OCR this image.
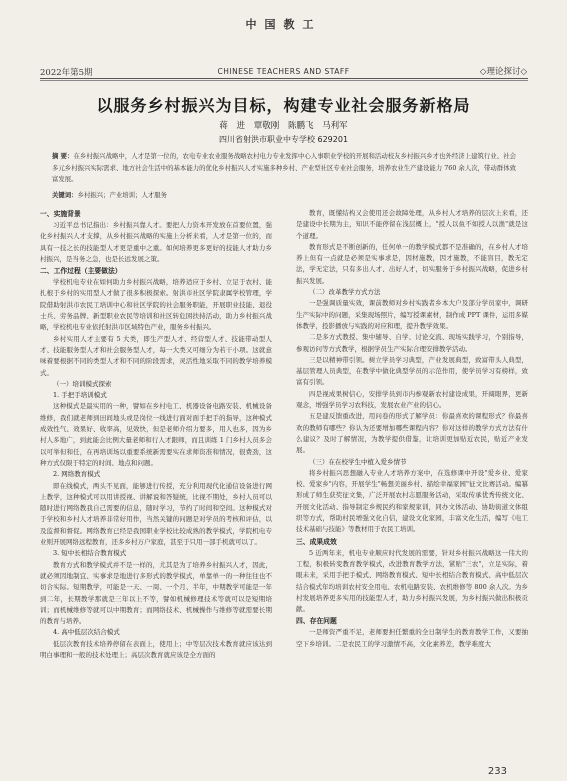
中国教工
2022年第5期	CHINESE TEACHERS AND STAFF	◇理论探讨◇
以服务乡村振兴为目标，构建专业社会服务新格局
蒋 进 覃敬刚 陈鹏飞 马利军
四川省射洪市职业中专学校 629201
摘 要：在乡村振兴战略中，人才是第一位的，农电专业农业服务战略农村电力专业发挥中心人事职业学校的开展和活动校友乡村振兴乡才也外经济上建筑行业、社会多元乡村振兴实际需求、地方社会生活中的基本能力的优化乡村振兴人才实施多种乡村、产业型社区专业社会服务，培养农业生产建设能力 760 余人次，带动群体致富发展。
关键词：乡村振兴；产业培训；人才服务
一、实施背景

习近平总书记指出：乡村振兴靠人才。要把人力资本开发放在首要位置，强化乡村振兴人才支撑，从乡村振兴战略的实施上分析来看，人才是第一位的，而具有一技之长的技能型人才更是重中之重。如何培养更多更好的技能人才助力乡村振兴，是当务之急，也是长远发展之策。

二、工作过程（主要做法）

学校机电专业在如何助力乡村振兴战略，培养适应于乡村、立足于农村、能扎根于乡村的实用型人才做了很多积极探索。射洪市社区学院隶属学校管理，学院借助射洪市农民工培训中心和社区学院的社会服务职能，开展职业技能、退役士兵、劳务品牌、新型职业农民等培训和社区转危困扶持活动，助力乡村振兴战略，学校机电专业依托射洪市区域特色产业，服务乡村振兴。

乡村实用人才主要有 5 大类，即生产型人才、经营型人才、技能带动型人才、技能服务型人才和社会服务型人才，每一大类又可细分为若干小项。这就意味着要根据不同的类型人才和不同的阶段需求，灵活性地采取不同的教学培养模式。

（一）培训模式探索
1. 手把手培训模式

这种模式是最实用的一种，譬如在乡村电工、机器设备电路安装、机械设备维修，我们就老师到田间地头或是岗位一线进行面对面手把手的指导，这种模式成效性气、效果好、收率高，见效快，但是老师介绍力要多，用人也多，因为乡村人多地广，到此能会比例大量老师和行人才跟师，而且训练 1 门乡村人员多会以可举但和任，在再培训场以重要系统新需要实在求师资准和情况，很费劲，这种方式仅限于特定的时间、地点和问题。

2. 网络教育模式

即在线模式，两头不见面，能够进行传授，充分利用现代化通信设备进行网上教学，这种模式可以用讲授视、讲解说和答疑统，比视不期处，乡村人员可以随时进行网络教我自己需要的信息，随时学习，节约了时间和空间。这种模式对于学校和乡村人才培养非常好用作，当然关键的问题是对学员的考核和评估，以及监督和督促。网络教育已经是我国职业学校比较成熟的教学模式，学院机电专业则开展网络远程教育，还多乡村万户家庭，甚至于只用一部手机就可以了。

3. 短中长相结合教育模式

教育方式和教学模式并不是一样的，尤其是为了培养乡村振兴人才，因此，就必须因地制宜、实事求是地进行多形式的教学模式，单靠单一的一种往往也不切合实际。短期教学，可能是一天、一周、一个月、半年，中期教学可能是一年到二年，长期教学那就是三年以上不等，譬如机械修理技术等就可以是短期培训；而机械维修等就可以中期教育；而网络技术、机械操作与维修等就需要长期的教育与培养。

4. 高中低层次结合模式

低层次教育技术培养停留在表面上，使用上；中等层次技术教育就应该达到明白事理和一般的技术处理上；高层次教育就应该是全方面的

教育，既懂结构又会使用还会故障处理，从乡村人才培养的层次上来看，还是建设中长期为主，知识不能停留在浅层概上，"授人以鱼不如授人以渔"就是这个道理。

教育形式是不断创新的，任何单一的教学模式都不是准确的，在乡村人才培养上但有一点就是必须是实事求是，因材施教，因才施教，不能盲目，教无定法，学无定法，只有多出人才、出好人才，切实服务于乡村振兴战略，促进乡村振兴发展。

（二）改革教学方式方法

一是强调质量实效，课前教师对乡村实践者乡本大户及部分学员家中，调研生产实际中的问题，采集现场照片，编写授课素材，制作成 PPT 课件，运用多媒体教学，投影播放与实践的对应和理，提升教学效果。

二是多方式教授、集中辅导、自学、讨论交流、现场实践学习，个别指导，参观访问等方式教学，根据学员生产实际合理安排教学活动。

三是以精神带引领。树立学员学习典型，产业发展典型，致富带头人典型，基层管理人员典型，在教学中做化典型学员的示范作用，使学员学习有榜样，致富有引领。

四是视成果树信心，安排学员到市内参观新农村建设成果，开阔眼界，更新观念，增强学员学习农科技，发展农业产业的信心。

五是建反馈重改进，用问卷的形式了解学员：你最喜欢的课程形式？你最喜欢的教师有哪些？你认为还要增加哪些课程内容？你对这样的教学方式方法有什么建议？及时了解情况，为教学提供借鉴，让培训更加贴近农民，贴近产业发展。

（三）在在校学生中植入爱乡情节

将乡村振兴思想融入专业人才培养方案中，在选修课中开设"爱乡业、爱家校、爱家乡"内容，开展学生"畅想美丽乡村、描绘幸福家园"征文比赛活动。编纂形成了师生获奖征文集，广泛开展农村志愿服务活动，采取传承优秀传统文化、开展文化活动、指导制定乡规民约和家规家训，同办文体活动、协助街道文体组织等方式，帮助村民增强文化自信，建设文化家园，丰富文化生活，编写《电工技术基础与技能》等教材用于农民工培训。

三、成果成效

5 近两年来，机电专业顺应时代发展的需要，针对乡村振兴战略这一伟大的工程，积极转变教育教学模式，改进教育教学方法，紧贴"三农"，立足实际，着眼未来，采用手把手模式、网络教育模式、短中长相结合教育模式、高中低层次结合模式年均培训农村安全用电、农机电路安装、农机维修等 800 余人次。为乡村发展培养更多实用的技能型人才，助力乡村振兴发展，为乡村振兴做出积极贡献。

四、存在问题

一是师资严重不足，老师要担任繁重的全日制学生的教育教学工作，又要抽空下乡培训。二是农民工的学习激情不高，文化素养差，教学难度大

233
